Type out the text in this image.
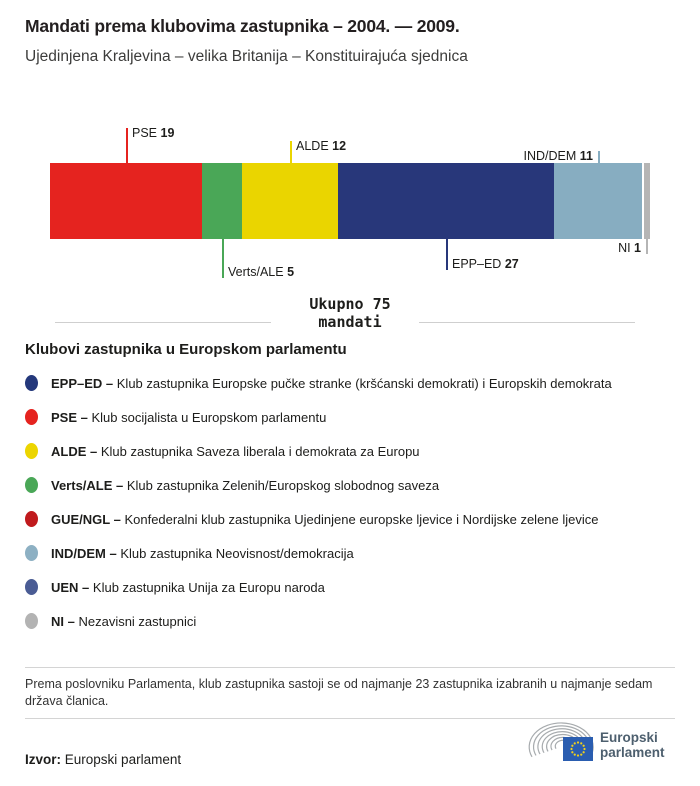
Mandati prema klubovima zastupnika – 2004. — 2009.
Ujedinjena Kraljevina – velika Britanija – Konstituirajuća sjednica
PSE 19
Verts/ALE 5
ALDE 12
EPP–ED 27
IND/DEM 11
NI 1
Ukupno 75
mandati
Klubovi zastupnika u Europskom parlamentu
EPP–ED – Klub zastupnika Europske pučke stranke (kršćanski demokrati) i Europskih demokrata
PSE – Klub socijalista u Europskom parlamentu
ALDE – Klub zastupnika Saveza liberala i demokrata za Europu
Verts/ALE – Klub zastupnika Zelenih/Europskog slobodnog saveza
GUE/NGL – Konfederalni klub zastupnika Ujedinjene europske ljevice i Nordijske zelene ljevice
IND/DEM – Klub zastupnika Neovisnost/demokracija
UEN – Klub zastupnika Unija za Europu naroda
NI – Nezavisni zastupnici
Prema poslovniku Parlamenta, klub zastupnika sastoji se od najmanje 23 zastupnika izabranih u najmanje sedam država članica.
Izvor: Europski parlament
Europski
parlament
